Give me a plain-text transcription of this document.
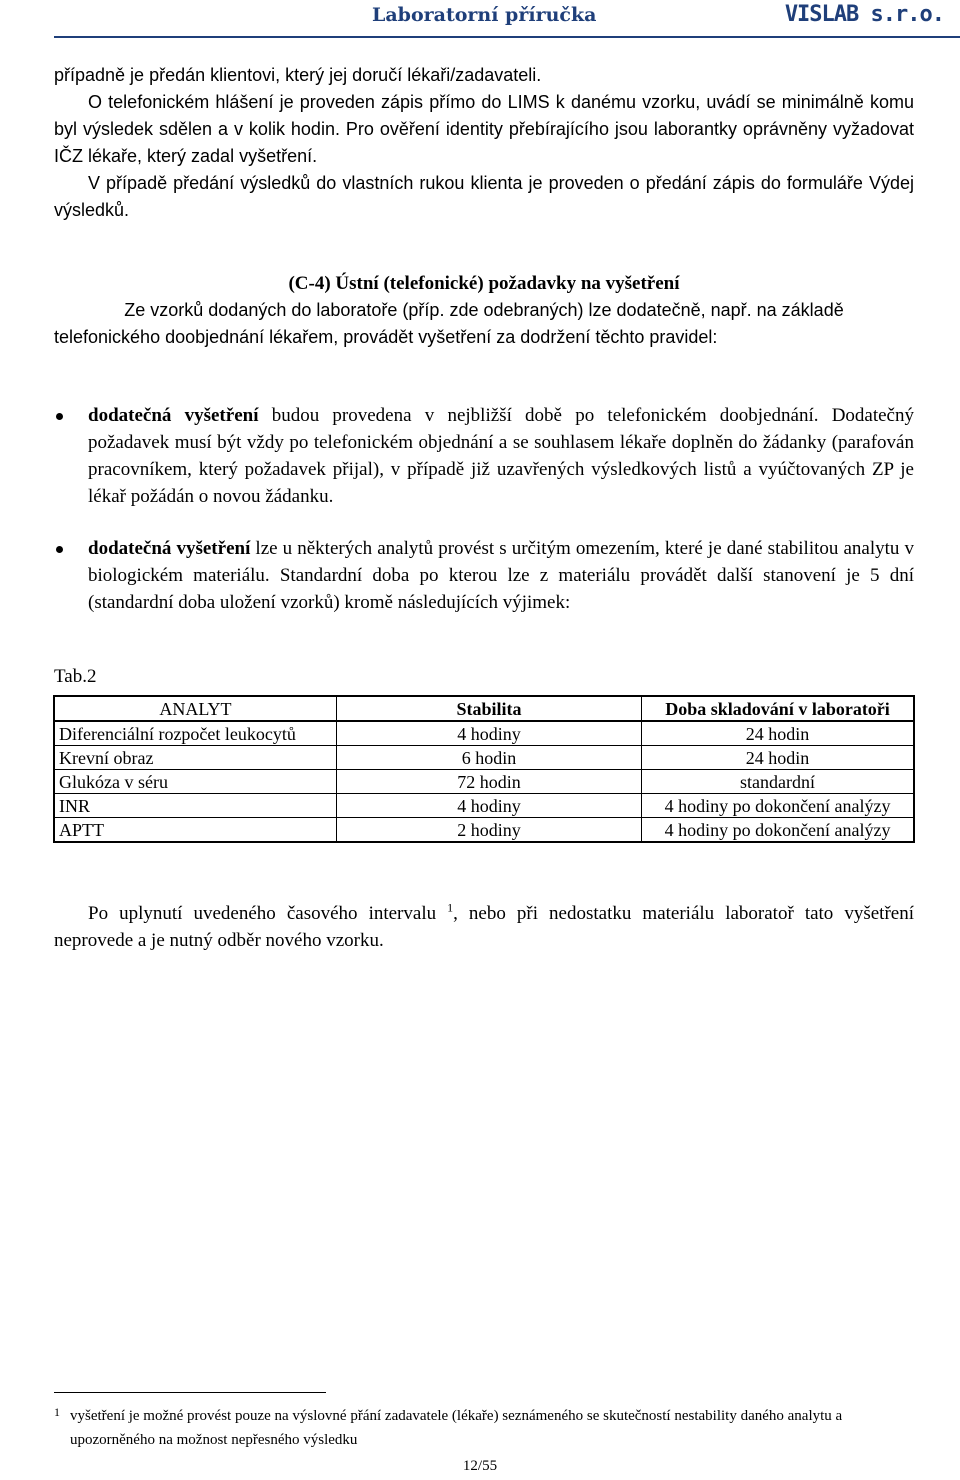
Laboratorní příručka	VISLAB s.r.o.

případně je předán klientovi, který jej doručí lékaři/zadavateli.

O telefonickém hlášení je proveden zápis přímo do LIMS k danému vzorku, uvádí se minimálně komu byl výsledek sdělen a v kolik hodin. Pro ověření identity přebírajícího jsou laborantky oprávněny vyžadovat IČZ lékaře, který zadal vyšetření.

V případě předání výsledků do vlastních rukou klienta je proveden o předání zápis do formuláře Výdej výsledků.

(C-4) Ústní (telefonické) požadavky na vyšetření

Ze vzorků dodaných do laboratoře (příp. zde odebraných) lze dodatečně, např. na základě

telefonického doobjednání lékařem, provádět vyšetření za dodržení těchto pravidel:

dodatečná vyšetření budou provedena v nejbližší době po telefonickém doobjednání. Dodatečný požadavek musí být vždy po telefonickém objednání a se souhlasem lékaře doplněn do žádanky (parafován pracovníkem, který požadavek přijal), v případě již uzavřených výsledkových listů a vyúčtovaných ZP je lékař požádán o novou žádanku.
dodatečná vyšetření lze u některých analytů provést s určitým omezením, které je dané stabilitou analytu v biologickém materiálu. Standardní doba po kterou lze z materiálu provádět další stanovení je 5 dní (standardní doba uložení vzorků) kromě následujících výjimek:
Tab.2
ANALYT	Stabilita	Doba skladování v laboratoři
Diferenciální rozpočet leukocytů	4 hodiny	24 hodin
Krevní obraz	6 hodin	24 hodin
Glukóza v séru	72 hodin	standardní
INR	4 hodiny	4 hodiny po dokončení analýzy
APTT	2 hodiny	4 hodiny po dokončení analýzy

Po uplynutí uvedeného časového intervalu $^1$, nebo při nedostatku materiálu laboratoř tato vyšetření neprovede a je nutný odběr nového vzorku.

1 vyšetření je možné provést pouze na výslovné přání zadavatele (lékaře) seznámeného se skutečností nestability daného analytu a upozorněného na možnost nepřesného výsledku
12/55
